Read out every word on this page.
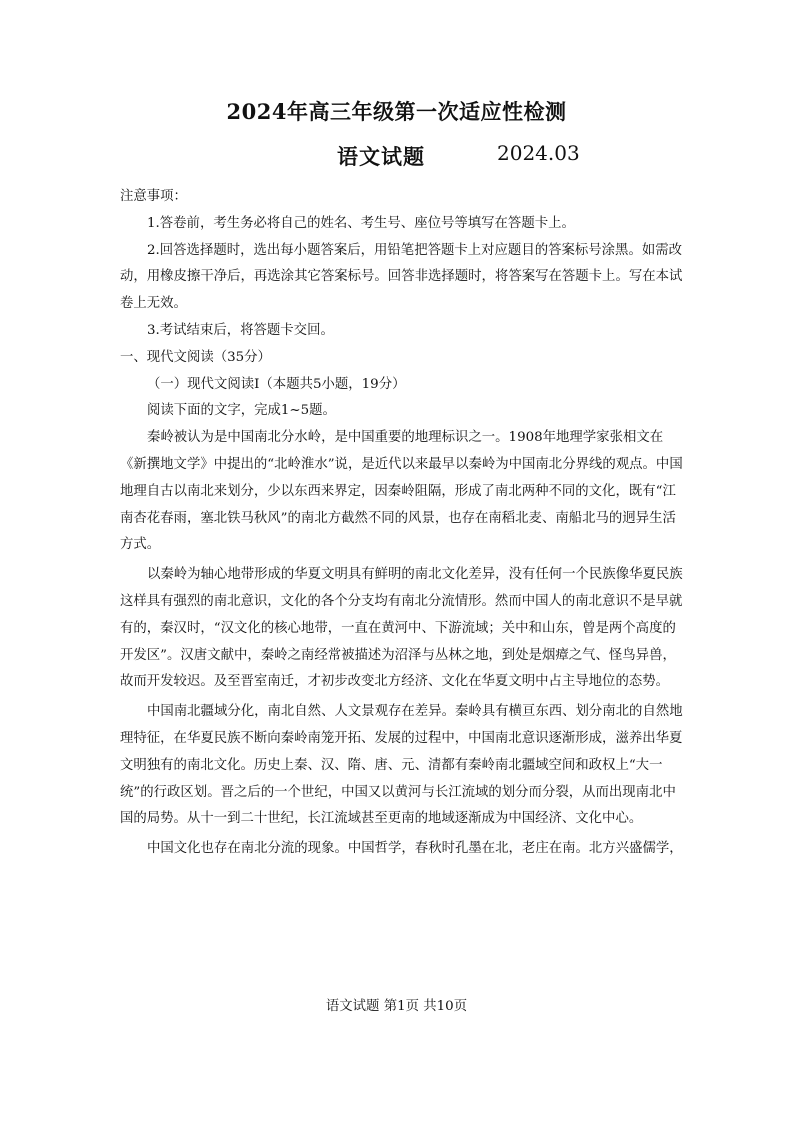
2024年高三年级第一次适应性检测
语文试题	2024.03

注意事项：

1.答卷前，考生务必将自己的姓名、考生号、座位号等填写在答题卡上。

2.回答选择题时，选出每小题答案后，用铅笔把答题卡上对应题目的答案标号涂黑。如需改动，用橡皮擦干净后，再选涂其它答案标号。回答非选择题时，将答案写在答题卡上。写在本试卷上无效。

3.考试结束后，将答题卡交回。

一、现代文阅读（35分）

（一）现代文阅读Ⅰ（本题共5小题，19分）

阅读下面的文字，完成1~5题。

秦岭被认为是中国南北分水岭，是中国重要的地理标识之一。1908年地理学家张相文在《新撰地文学》中提出的“北岭淮水”说，是近代以来最早以秦岭为中国南北分界线的观点。中国地理自古以南北来划分，少以东西来界定，因秦岭阻隔，形成了南北两种不同的文化，既有“江南杏花春雨，塞北铁马秋风”的南北方截然不同的风景，也存在南稻北麦、南船北马的迥异生活方式。

以秦岭为轴心地带形成的华夏文明具有鲜明的南北文化差异，没有任何一个民族像华夏民族这样具有强烈的南北意识，文化的各个分支均有南北分流情形。然而中国人的南北意识不是早就有的，秦汉时，“汉文化的核心地带，一直在黄河中、下游流域；关中和山东，曾是两个高度的开发区”。汉唐文献中，秦岭之南经常被描述为沼泽与丛林之地，到处是烟瘴之气、怪鸟异兽，故而开发较迟。及至晋室南迁，才初步改变北方经济、文化在华夏文明中占主导地位的态势。

中国南北疆域分化，南北自然、人文景观存在差异。秦岭具有横亘东西、划分南北的自然地理特征，在华夏民族不断向秦岭南笼开拓、发展的过程中，中国南北意识逐渐形成，滋养出华夏文明独有的南北文化。历史上秦、汉、隋、唐、元、清都有秦岭南北疆域空间和政权上“大一统”的行政区划。晋之后的一个世纪，中国又以黄河与长江流域的划分而分裂，从而出现南北中国的局势。从十一到二十世纪，长江流域甚至更南的地域逐渐成为中国经济、文化中心。

中国文化也存在南北分流的现象。中国哲学，春秋时孔墨在北，老庄在南。北方兴盛儒学，

语文试题 第1页 共10页
